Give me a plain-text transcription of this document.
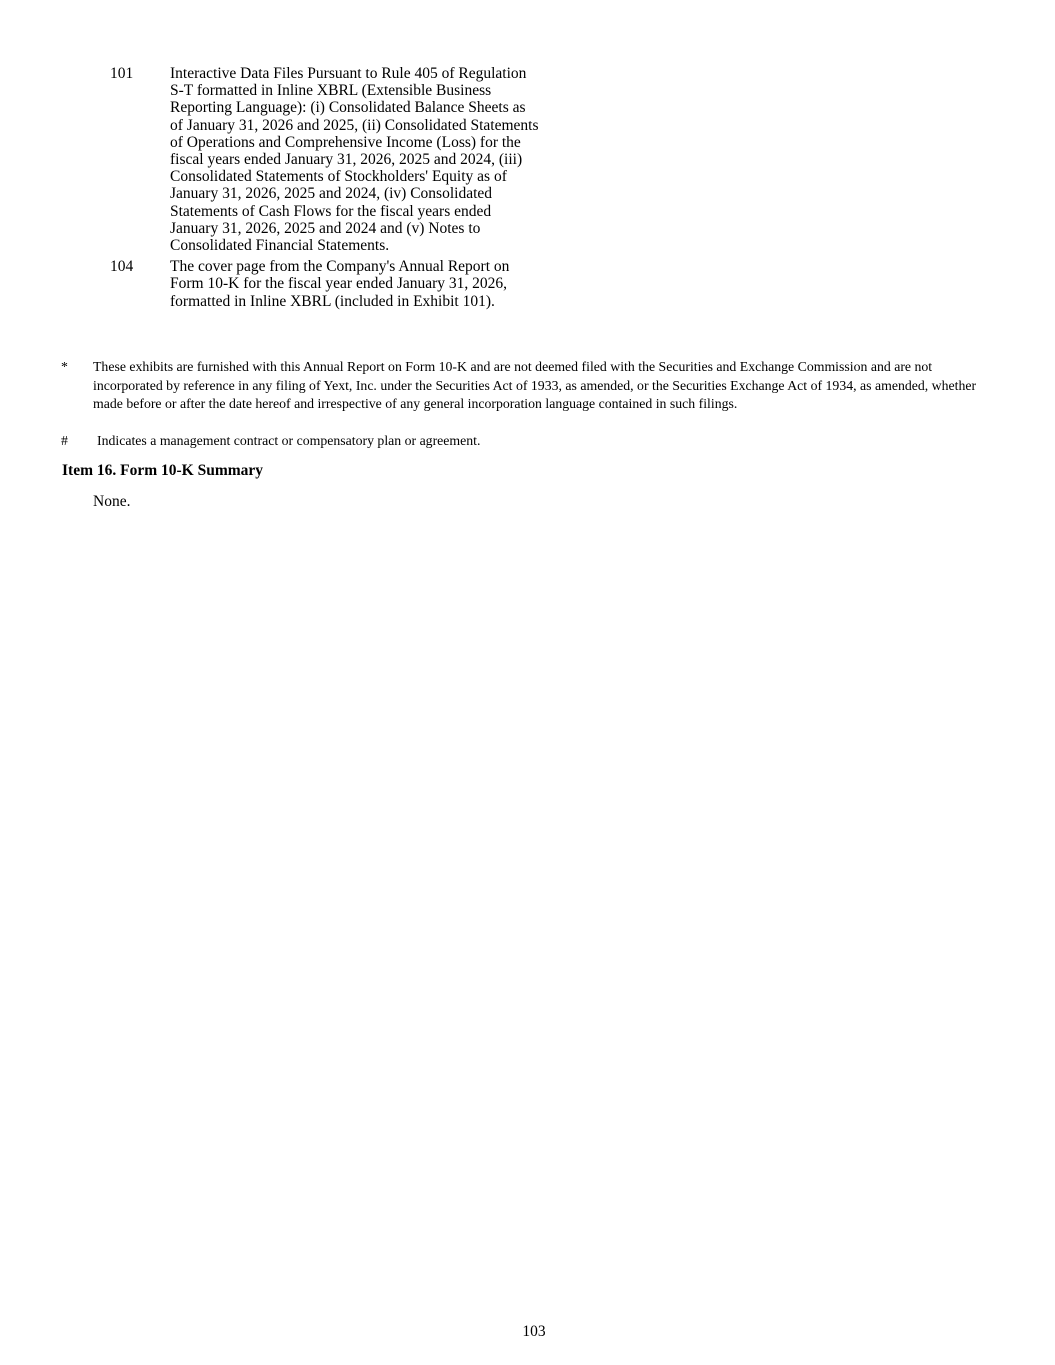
101	Interactive Data Files Pursuant to Rule 405 of Regulation S-T formatted in Inline XBRL (Extensible Business Reporting Language): (i) Consolidated Balance Sheets as of January 31, 2026 and 2025, (ii) Consolidated Statements of Operations and Comprehensive Income (Loss) for the fiscal years ended January 31, 2026, 2025 and 2024, (iii) Consolidated Statements of Stockholders' Equity as of January 31, 2026, 2025 and 2024, (iv) Consolidated Statements of Cash Flows for the fiscal years ended January 31, 2026, 2025 and 2024 and (v) Notes to Consolidated Financial Statements.
104	The cover page from the Company's Annual Report on Form 10-K for the fiscal year ended January 31, 2026, formatted in Inline XBRL (included in Exhibit 101).
*	These exhibits are furnished with this Annual Report on Form 10-K and are not deemed filed with the Securities and Exchange Commission and are not incorporated by reference in any filing of Yext, Inc. under the Securities Act of 1933, as amended, or the Securities Exchange Act of 1934, as amended, whether made before or after the date hereof and irrespective of any general incorporation language contained in such filings.
#	Indicates a management contract or compensatory plan or agreement.
Item 16. Form 10-K Summary
None.
103
